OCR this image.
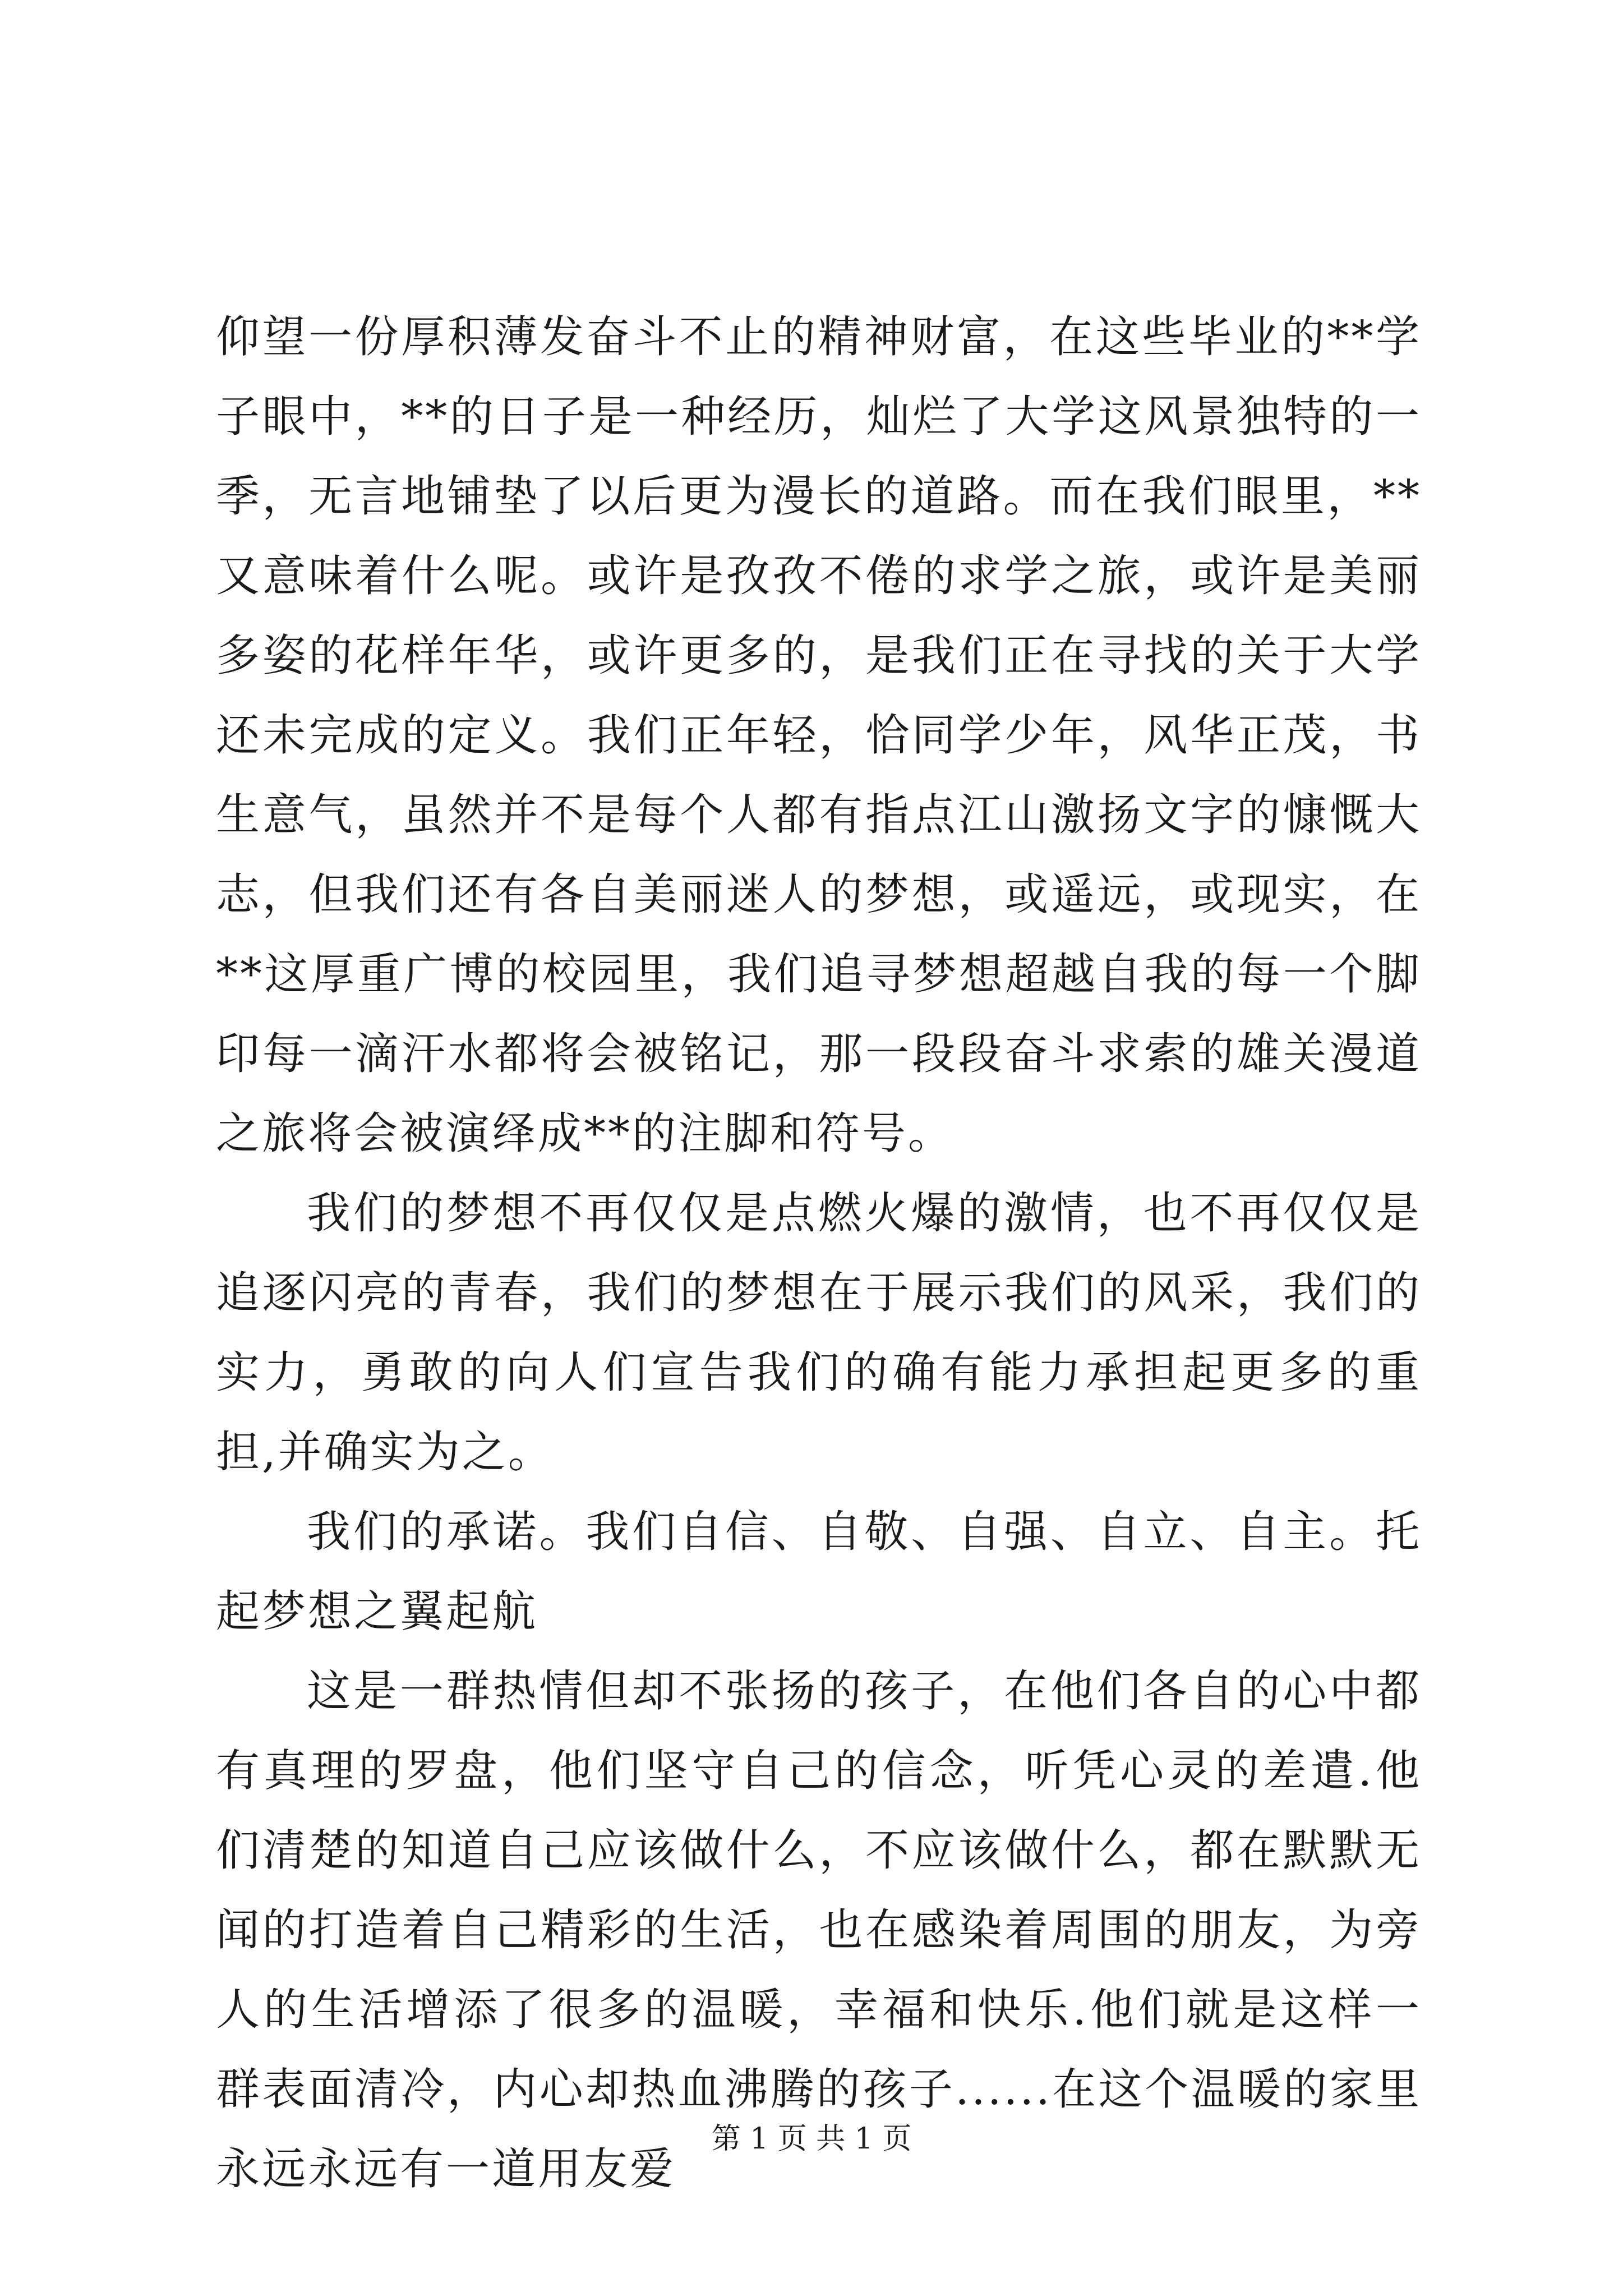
仰望一份厚积薄发奋斗不止的精神财富，在这些毕业的**学子眼中，**的日子是一种经历，灿烂了大学这风景独特的一季，无言地铺垫了以后更为漫长的道路。而在我们眼里，**又意味着什么呢。或许是孜孜不倦的求学之旅，或许是美丽多姿的花样年华，或许更多的，是我们正在寻找的关于大学还未完成的定义。我们正年轻，恰同学少年，风华正茂，书生意气，虽然并不是每个人都有指点江山激扬文字的慷慨大志，但我们还有各自美丽迷人的梦想，或遥远，或现实，在**这厚重广博的校园里，我们追寻梦想超越自我的每一个脚印每一滴汗水都将会被铭记，那一段段奋斗求索的雄关漫道之旅将会被演绎成**的注脚和符号。

我们的梦想不再仅仅是点燃火爆的激情，也不再仅仅是追逐闪亮的青春，我们的梦想在于展示我们的风采，我们的实力，勇敢的向人们宣告我们的确有能力承担起更多的重担,并确实为之。

我们的承诺。我们自信、自敬、自强、自立、自主。托起梦想之翼起航

这是一群热情但却不张扬的孩子，在他们各自的心中都有真理的罗盘，他们坚守自己的信念，听凭心灵的差遣.他们清楚的知道自己应该做什么，不应该做什么，都在默默无闻的打造着自己精彩的生活，也在感染着周围的朋友，为旁人的生活增添了很多的温暖，幸福和快乐.他们就是这样一群表面清冷，内心却热血沸腾的孩子......在这个温暖的家里永远永远有一道用友爱

第 1 页 共 1 页
